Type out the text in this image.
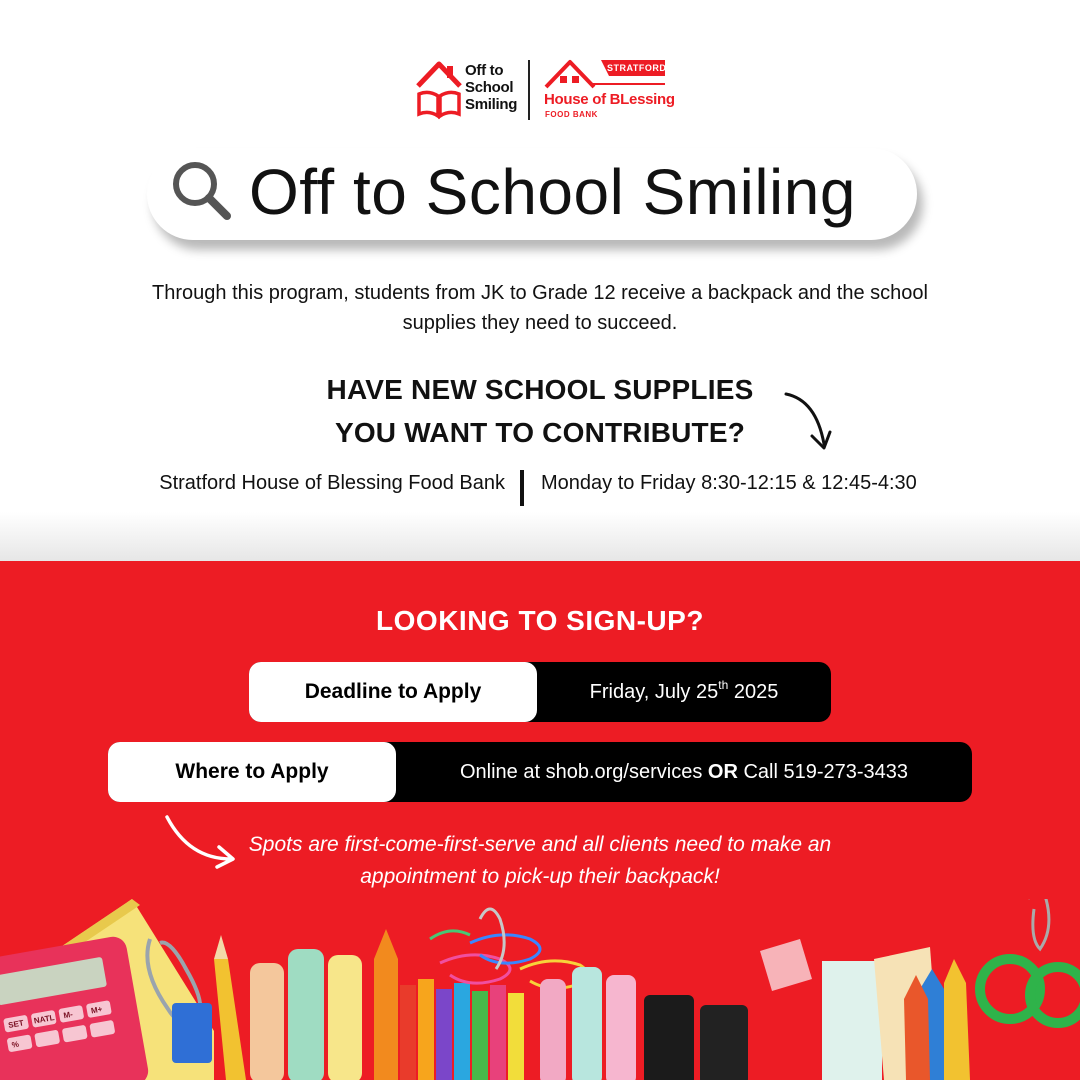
Off to
School
Smiling
STRATFORD
House of BLessing
FOOD BANK
Off to School Smiling
Through this program, students from JK to Grade 12 receive a backpack and the school supplies they need to succeed.
HAVE NEW SCHOOL SUPPLIES
YOU WANT TO CONTRIBUTE?
Stratford House of Blessing Food Bank Monday to Friday 8:30-12:15 & 12:45-4:30
LOOKING TO SIGN-UP?
Deadline to Apply	Friday, July 25th 2025
Where to Apply	Online at shob.org/services OR Call 519-273-3433
Spots are first-come-first-serve and all clients need to make an appointment to pick-up their backpack!
SET NATL M- M+
%
